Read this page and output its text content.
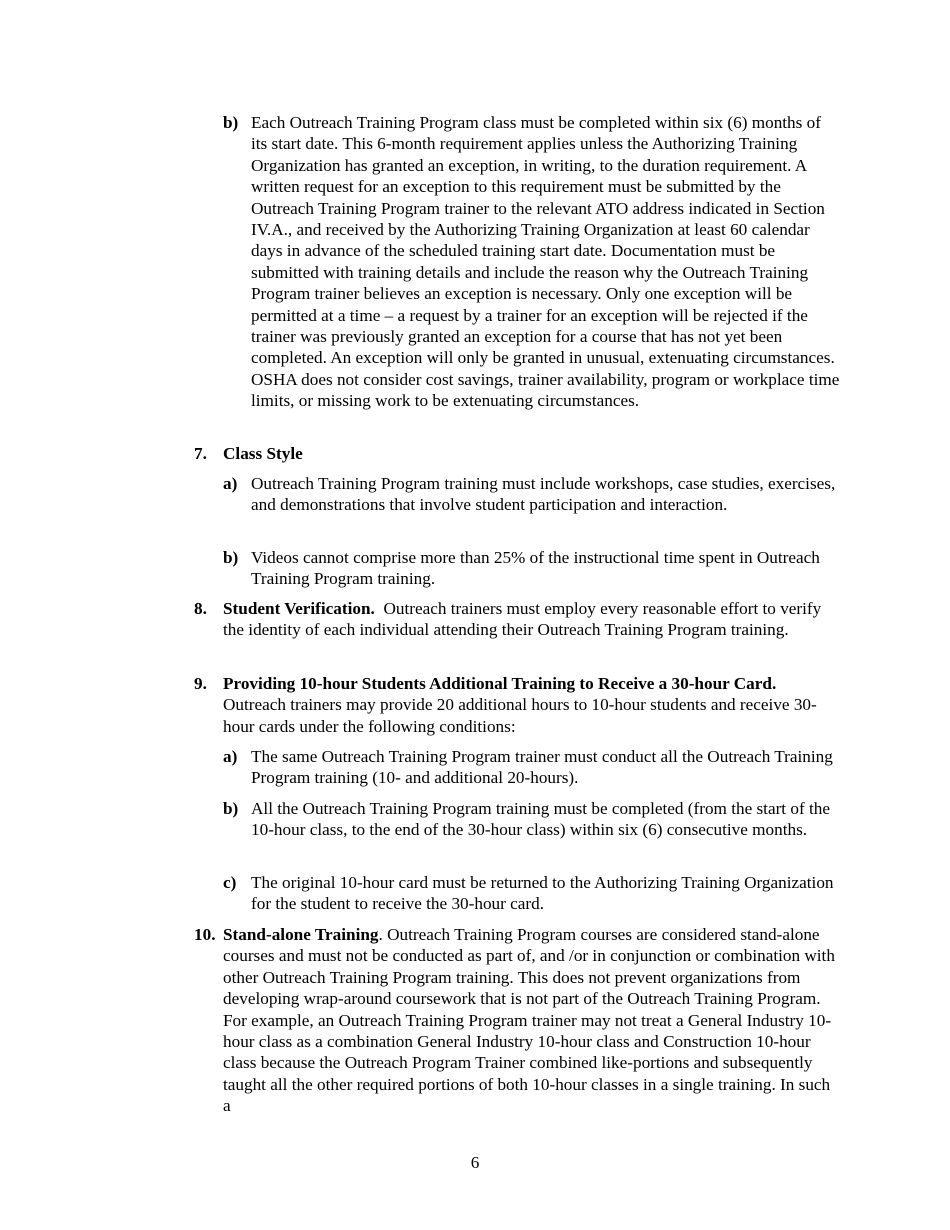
b) Each Outreach Training Program class must be completed within six (6) months of its start date. This 6-month requirement applies unless the Authorizing Training Organization has granted an exception, in writing, to the duration requirement. A written request for an exception to this requirement must be submitted by the Outreach Training Program trainer to the relevant ATO address indicated in Section IV.A., and received by the Authorizing Training Organization at least 60 calendar days in advance of the scheduled training start date. Documentation must be submitted with training details and include the reason why the Outreach Training Program trainer believes an exception is necessary. Only one exception will be permitted at a time – a request by a trainer for an exception will be rejected if the trainer was previously granted an exception for a course that has not yet been completed. An exception will only be granted in unusual, extenuating circumstances. OSHA does not consider cost savings, trainer availability, program or workplace time limits, or missing work to be extenuating circumstances.

7. Class Style

a) Outreach Training Program training must include workshops, case studies, exercises, and demonstrations that involve student participation and interaction.

b) Videos cannot comprise more than 25% of the instructional time spent in Outreach Training Program training.

8. Student Verification. Outreach trainers must employ every reasonable effort to verify the identity of each individual attending their Outreach Training Program training.

9. Providing 10-hour Students Additional Training to Receive a 30-hour Card. Outreach trainers may provide 20 additional hours to 10-hour students and receive 30-hour cards under the following conditions:

a) The same Outreach Training Program trainer must conduct all the Outreach Training Program training (10- and additional 20-hours).

b) All the Outreach Training Program training must be completed (from the start of the 10-hour class, to the end of the 30-hour class) within six (6) consecutive months.

c) The original 10-hour card must be returned to the Authorizing Training Organization for the student to receive the 30-hour card.

10. Stand-alone Training. Outreach Training Program courses are considered stand-alone courses and must not be conducted as part of, and /or in conjunction or combination with other Outreach Training Program training. This does not prevent organizations from developing wrap-around coursework that is not part of the Outreach Training Program. For example, an Outreach Training Program trainer may not treat a General Industry 10-hour class as a combination General Industry 10-hour class and Construction 10-hour class because the Outreach Program Trainer combined like-portions and subsequently taught all the other required portions of both 10-hour classes in a single training. In such a

6
